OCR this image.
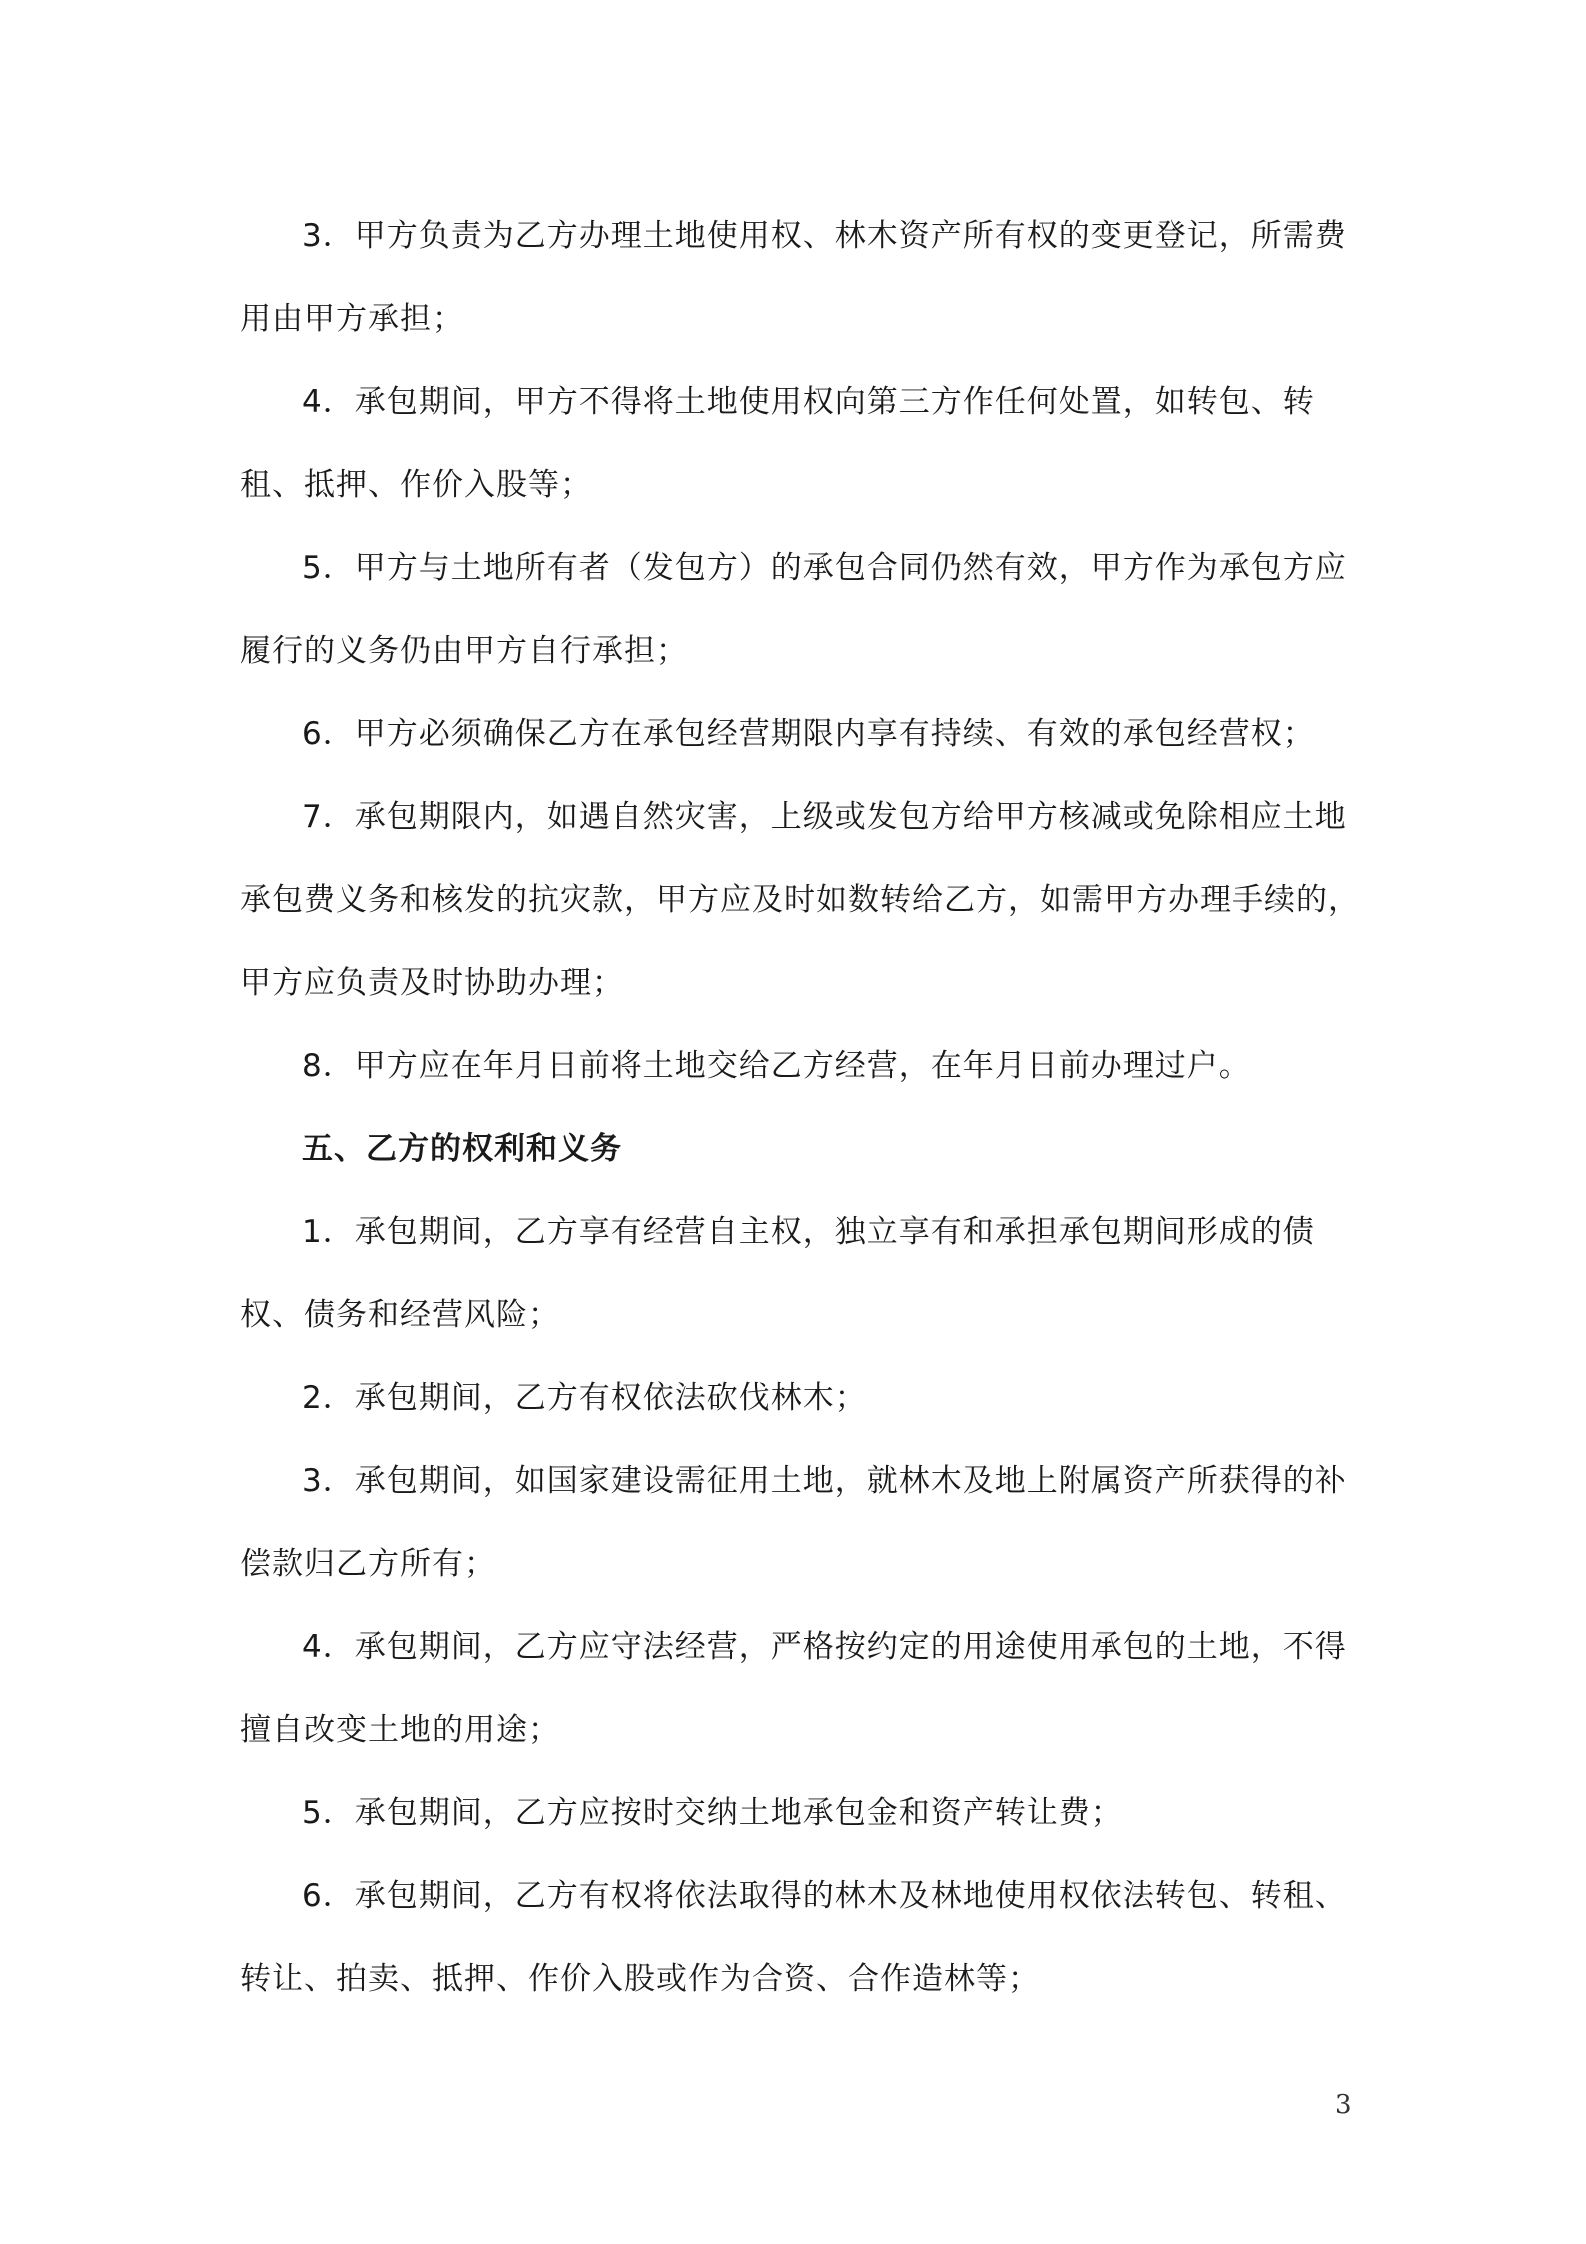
3．甲方负责为乙方办理土地使用权、林木资产所有权的变更登记，所需费用由甲方承担；

4．承包期间，甲方不得将土地使用权向第三方作任何处置，如转包、转租、抵押、作价入股等；

5．甲方与土地所有者（发包方）的承包合同仍然有效，甲方作为承包方应履行的义务仍由甲方自行承担；

6．甲方必须确保乙方在承包经营期限内享有持续、有效的承包经营权；

7．承包期限内，如遇自然灾害，上级或发包方给甲方核减或免除相应土地承包费义务和核发的抗灾款，甲方应及时如数转给乙方，如需甲方办理手续的，甲方应负责及时协助办理；

8．甲方应在年月日前将土地交给乙方经营，在年月日前办理过户。

五、乙方的权利和义务

1．承包期间，乙方享有经营自主权，独立享有和承担承包期间形成的债权、债务和经营风险；

2．承包期间，乙方有权依法砍伐林木；

3．承包期间，如国家建设需征用土地，就林木及地上附属资产所获得的补偿款归乙方所有；

4．承包期间，乙方应守法经营，严格按约定的用途使用承包的土地，不得擅自改变土地的用途；

5．承包期间，乙方应按时交纳土地承包金和资产转让费；

6．承包期间，乙方有权将依法取得的林木及林地使用权依法转包、转租、转让、拍卖、抵押、作价入股或作为合资、合作造林等；

3
